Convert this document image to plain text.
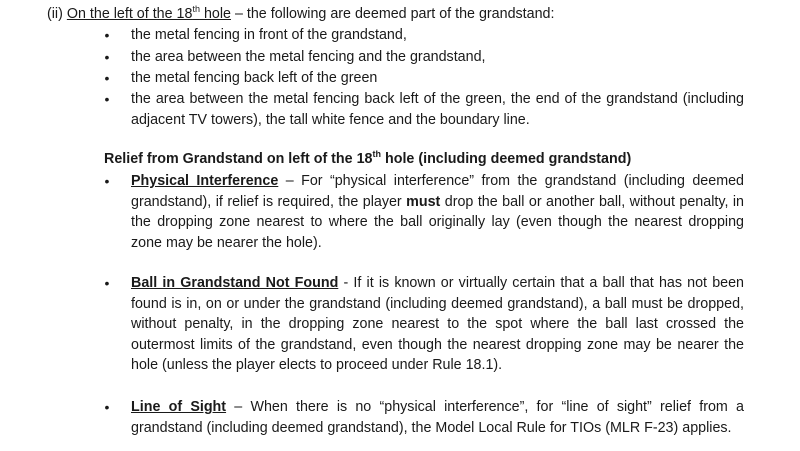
(ii) On the left of the 18th hole – the following are deemed part of the grandstand:
• the metal fencing in front of the grandstand,
• the area between the metal fencing and the grandstand,
• the metal fencing back left of the green
• the area between the metal fencing back left of the green, the end of the grandstand (including adjacent TV towers), the tall white fence and the boundary line.
Relief from Grandstand on left of the 18th hole (including deemed grandstand)
• Physical Interference – For “physical interference” from the grandstand (including deemed grandstand), if relief is required, the player must drop the ball or another ball, without penalty, in the dropping zone nearest to where the ball originally lay (even though the nearest dropping zone may be nearer the hole).
• Ball in Grandstand Not Found - If it is known or virtually certain that a ball that has not been found is in, on or under the grandstand (including deemed grandstand), a ball must be dropped, without penalty, in the dropping zone nearest to the spot where the ball last crossed the outermost limits of the grandstand, even though the nearest dropping zone may be nearer the hole (unless the player elects to proceed under Rule 18.1).
• Line of Sight – When there is no “physical interference”, for “line of sight” relief from a grandstand (including deemed grandstand), the Model Local Rule for TIOs (MLR F-23) applies.
